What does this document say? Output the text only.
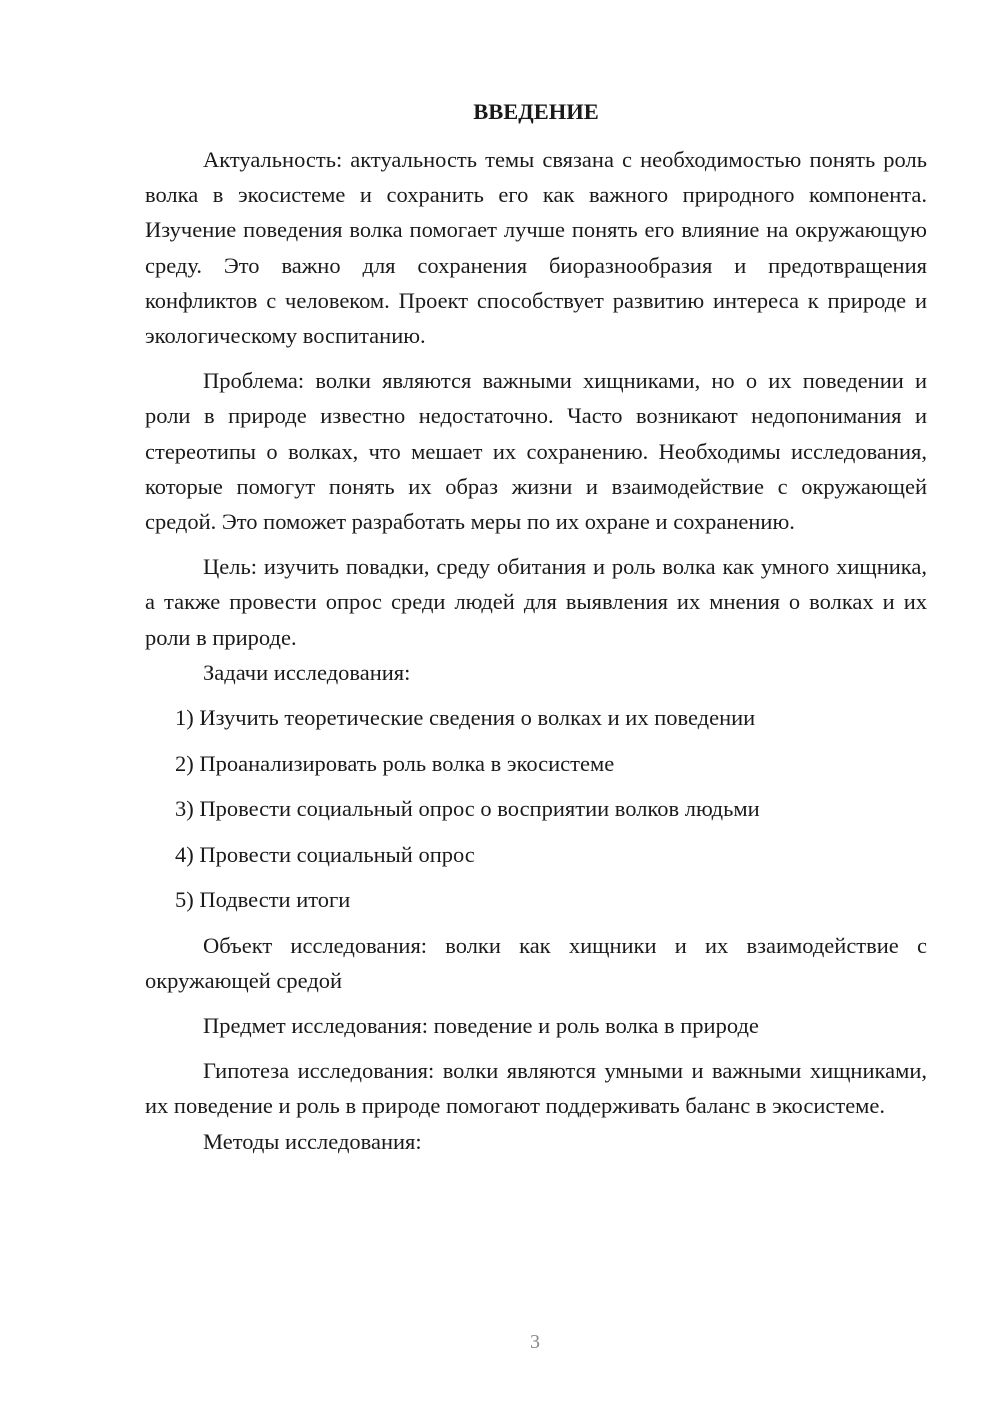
ВВЕДЕНИЕ

Актуальность: актуальность темы связана с необходимостью понять роль волка в экосистеме и сохранить его как важного природного компонента. Изучение поведения волка помогает лучше понять его влияние на окружающую среду. Это важно для сохранения биоразнообразия и предотвращения конфликтов с человеком. Проект способствует развитию интереса к природе и экологическому воспитанию.

Проблема: волки являются важными хищниками, но о их поведении и роли в природе известно недостаточно. Часто возникают недопонимания и стереотипы о волках, что мешает их сохранению. Необходимы исследования, которые помогут понять их образ жизни и взаимодействие с окружающей средой. Это поможет разработать меры по их охране и сохранению.

Цель: изучить повадки, среду обитания и роль волка как умного хищника, а также провести опрос среди людей для выявления их мнения о волках и их роли в природе.

Задачи исследования:

1) Изучить теоретические сведения о волках и их поведении
2) Проанализировать роль волка в экосистеме
3) Провести социальный опрос о восприятии волков людьми
4) Провести социальный опрос
5) Подвести итоги

Объект исследования: волки как хищники и их взаимодействие с окружающей средой

Предмет исследования: поведение и роль волка в природе

Гипотеза исследования: волки являются умными и важными хищниками, их поведение и роль в природе помогают поддерживать баланс в экосистеме.

Методы исследования:

3
